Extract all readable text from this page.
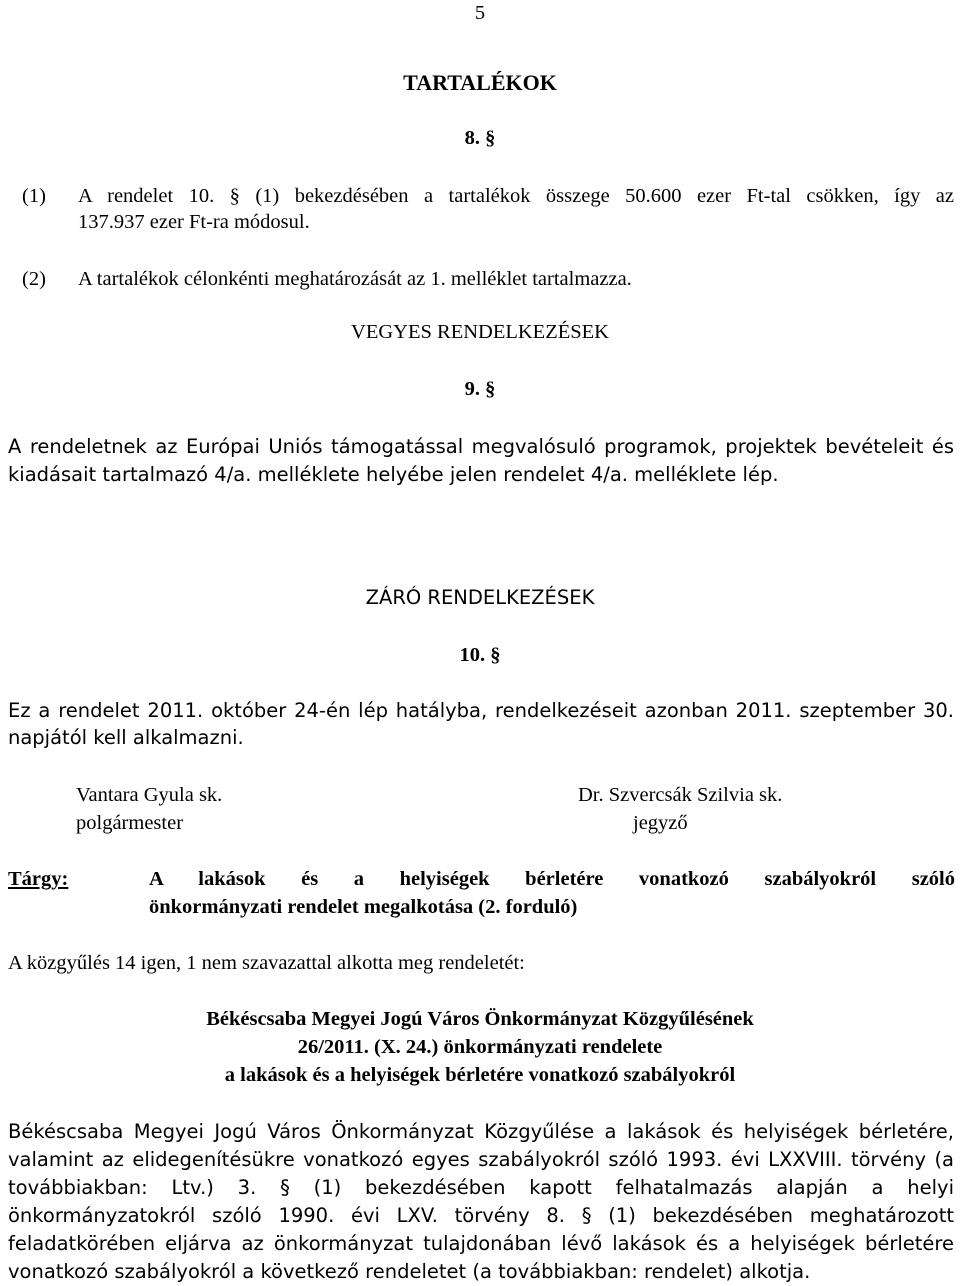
5
TARTALÉKOK
8. §
(1) A rendelet 10. § (1) bekezdésében a tartalékok összege 50.600 ezer Ft-tal csökken, így az
137.937 ezer Ft-ra módosul.
(2) A tartalékok célonkénti meghatározását az 1. melléklet tartalmazza.
VEGYES RENDELKEZÉSEK
9. §
A rendeletnek az Európai Uniós támogatással megvalósuló programok, projektek bevételeit és
kiadásait tartalmazó 4/a. melléklete helyébe jelen rendelet 4/a. melléklete lép.
ZÁRÓ RENDELKEZÉSEK
10. §
Ez a rendelet 2011. október 24-én lép hatályba, rendelkezéseit azonban 2011. szeptember 30.
napjától kell alkalmazni.
Vantara Gyula sk.
polgármester
Dr. Szvercsák Szilvia sk.
jegyző
Tárgy:	A lakások és a helyiségek bérletére vonatkozó szabályokról szóló
önkormányzati rendelet megalkotása (2. forduló)
A közgyűlés 14 igen, 1 nem szavazattal alkotta meg rendeletét:
Békéscsaba Megyei Jogú Város Önkormányzat Közgyűlésének
26/2011. (X. 24.) önkormányzati rendelete
a lakások és a helyiségek bérletére vonatkozó szabályokról
Békéscsaba Megyei Jogú Város Önkormányzat Közgyűlése a lakások és helyiségek bérletére,
valamint az elidegenítésükre vonatkozó egyes szabályokról szóló 1993. évi LXXVIII. törvény (a
továbbiakban: Ltv.) 3. § (1) bekezdésében kapott felhatalmazás alapján a helyi
önkormányzatokról szóló 1990. évi LXV. törvény 8. § (1) bekezdésében meghatározott
feladatkörében eljárva az önkormányzat tulajdonában lévő lakások és a helyiségek bérletére
vonatkozó szabályokról a következő rendeletet (a továbbiakban: rendelet) alkotja.
